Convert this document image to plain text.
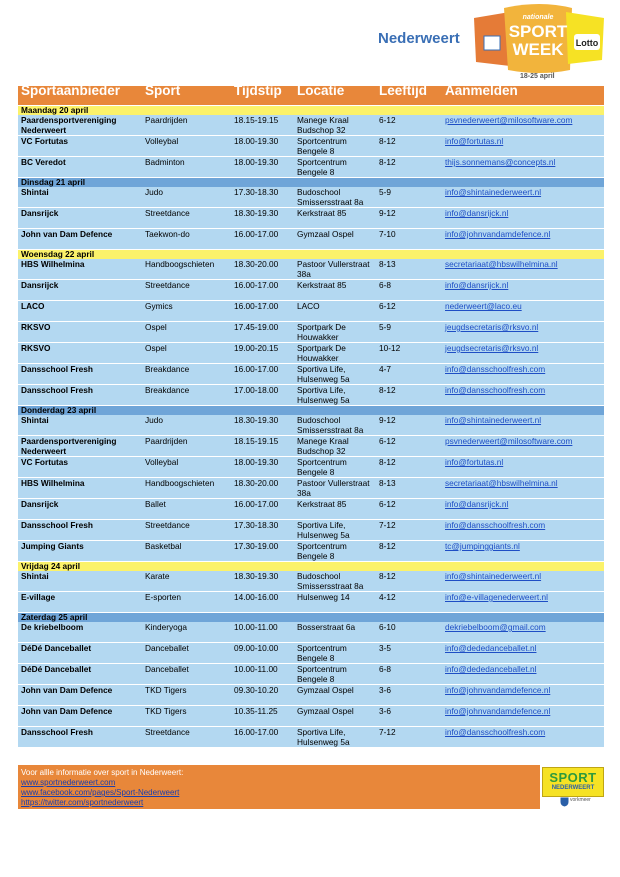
Nederweert
nationale
SPORT
WEEK Lotto
18-25 april
Sportaanbieder	Sport	Tijdstip	Locatie	Leeftijd	Aanmelden
Maandag 20 april					
Paardensportvereniging Nederweert	Paardrijden	18.15-19.15	Manege Kraal Budschop 32	6-12	psvnederweert@milosoftware.com
VC Fortutas	Volleybal	18.00-19.30	Sportcentrum Bengele 8	8-12	info@fortutas.nl
BC Veredot	Badminton	18.00-19.30	Sportcentrum Bengele 8	8-12	thijs.sonnemans@concepts.nl
Dinsdag 21 april					
Shintai	Judo	17.30-18.30	Budoschool Smissersstraat 8a	5-9	info@shintainederweert.nl
Dansrijck	Streetdance	18.30-19.30	Kerkstraat 85	9-12	info@dansrijck.nl
John van Dam Defence	Taekwon-do	16.00-17.00	Gymzaal Ospel	7-10	info@johnvandamdefence.nl
Woensdag 22 april					
HBS Wilhelmina	Handboogschieten	18.30-20.00	Pastoor Vullerstraat 38a	8-13	secretariaat@hbswilhelmina.nl
Dansrijck	Streetdance	16.00-17.00	Kerkstraat 85	6-8	info@dansrijck.nl
LACO	Gymics	16.00-17.00	LACO	6-12	nederweert@laco.eu
RKSVO	Ospel	17.45-19.00	Sportpark De Houwakker	5-9	jeugdsecretaris@rksvo.nl
RKSVO	Ospel	19.00-20.15	Sportpark De Houwakker	10-12	jeugdsecretaris@rksvo.nl
Dansschool Fresh	Breakdance	16.00-17.00	Sportiva Life, Hulsenweg 5a	4-7	info@dansschoolfresh.com
Dansschool Fresh	Breakdance	17.00-18.00	Sportiva Life, Hulsenweg 5a	8-12	info@dansschoolfresh.com
Donderdag 23 april					
Shintai	Judo	18.30-19.30	Budoschool Smissersstraat 8a	9-12	info@shintainederweert.nl
Paardensportvereniging Nederweert	Paardrijden	18.15-19.15	Manege Kraal Budschop 32	6-12	psvnederweert@milosoftware.com
VC Fortutas	Volleybal	18.00-19.30	Sportcentrum Bengele 8	8-12	info@fortutas.nl
HBS Wilhelmina	Handboogschieten	18.30-20.00	Pastoor Vullerstraat 38a	8-13	secretariaat@hbswilhelmina.nl
Dansrijck	Ballet	16.00-17.00	Kerkstraat 85	6-12	info@dansrijck.nl
Dansschool Fresh	Streetdance	17.30-18.30	Sportiva Life, Hulsenweg 5a	7-12	info@dansschoolfresh.com
Jumping Giants	Basketbal	17.30-19.00	Sportcentrum Bengele 8	8-12	tc@jumpinggiants.nl
Vrijdag 24 april					
Shintai	Karate	18.30-19.30	Budoschool Smissersstraat 8a	8-12	info@shintainederweert.nl
E-village	E-sporten	14.00-16.00	Hulsenweg 14	4-12	info@e-villagenederweert.nl
Zaterdag 25 april					
De kriebelboom	Kinderyoga	10.00-11.00	Bosserstraat 6a	6-10	dekriebelboom@gmail.com
DéDé Danceballet	Danceballet	09.00-10.00	Sportcentrum Bengele 8	3-5	info@dededanceballet.nl
DéDé Danceballet	Danceballet	10.00-11.00	Sportcentrum Bengele 8	6-8	info@dededanceballet.nl
John van Dam Defence	TKD Tigers	09.30-10.20	Gymzaal Ospel	3-6	info@johnvandamdefence.nl
John van Dam Defence	TKD Tigers	10.35-11.25	Gymzaal Ospel	3-6	info@johnvandamdefence.nl
Dansschool Fresh	Streetdance	16.00-17.00	Sportiva Life, Hulsenweg 5a	7-12	info@dansschoolfresh.com
Voor allle informatie over sport in Nederweert:
www.sportnederweert.com
www.facebook.com/pages/Sport-Nederweert
https://twitter.com/sportnederweert
SPORT
NEDERWEERT
vorkmeer
